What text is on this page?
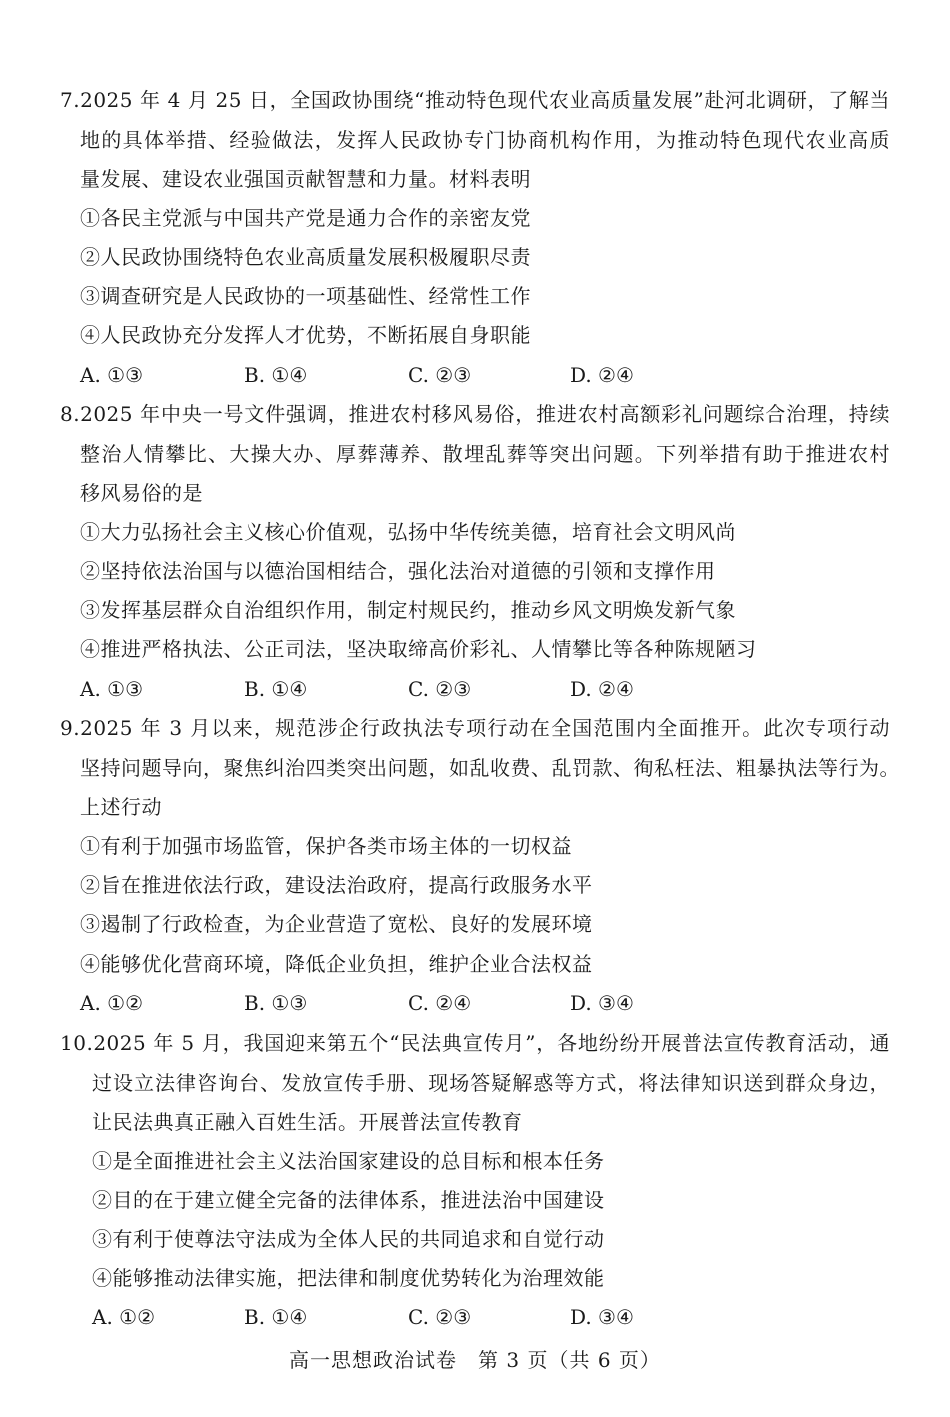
7.2025 年 4 月 25 日，全国政协围绕“推动特色现代农业高质量发展”赴河北调研，了解当
地的具体举措、经验做法，发挥人民政协专门协商机构作用，为推动特色现代农业高质
量发展、建设农业强国贡献智慧和力量。材料表明
①各民主党派与中国共产党是通力合作的亲密友党
②人民政协围绕特色农业高质量发展积极履职尽责
③调查研究是人民政协的一项基础性、经常性工作
④人民政协充分发挥人才优势，不断拓展自身职能
A. ①③	B. ①④	C. ②③	D. ②④
8.2025 年中央一号文件强调，推进农村移风易俗，推进农村高额彩礼问题综合治理，持续
整治人情攀比、大操大办、厚葬薄养、散埋乱葬等突出问题。下列举措有助于推进农村
移风易俗的是
①大力弘扬社会主义核心价值观，弘扬中华传统美德，培育社会文明风尚
②坚持依法治国与以德治国相结合，强化法治对道德的引领和支撑作用
③发挥基层群众自治组织作用，制定村规民约，推动乡风文明焕发新气象
④推进严格执法、公正司法，坚决取缔高价彩礼、人情攀比等各种陈规陋习
A. ①③	B. ①④	C. ②③	D. ②④
9.2025 年 3 月以来，规范涉企行政执法专项行动在全国范围内全面推开。此次专项行动
坚持问题导向，聚焦纠治四类突出问题，如乱收费、乱罚款、徇私枉法、粗暴执法等行为。
上述行动
①有利于加强市场监管，保护各类市场主体的一切权益
②旨在推进依法行政，建设法治政府，提高行政服务水平
③遏制了行政检查，为企业营造了宽松、良好的发展环境
④能够优化营商环境，降低企业负担，维护企业合法权益
A. ①②	B. ①③	C. ②④	D. ③④
10.2025 年 5 月，我国迎来第五个“民法典宣传月”，各地纷纷开展普法宣传教育活动，通
过设立法律咨询台、发放宣传手册、现场答疑解惑等方式，将法律知识送到群众身边，
让民法典真正融入百姓生活。开展普法宣传教育
①是全面推进社会主义法治国家建设的总目标和根本任务
②目的在于建立健全完备的法律体系，推进法治中国建设
③有利于使尊法守法成为全体人民的共同追求和自觉行动
④能够推动法律实施，把法律和制度优势转化为治理效能
A. ①②	B. ①④	C. ②③	D. ③④
高一思想政治试卷　第 3 页（共 6 页）
